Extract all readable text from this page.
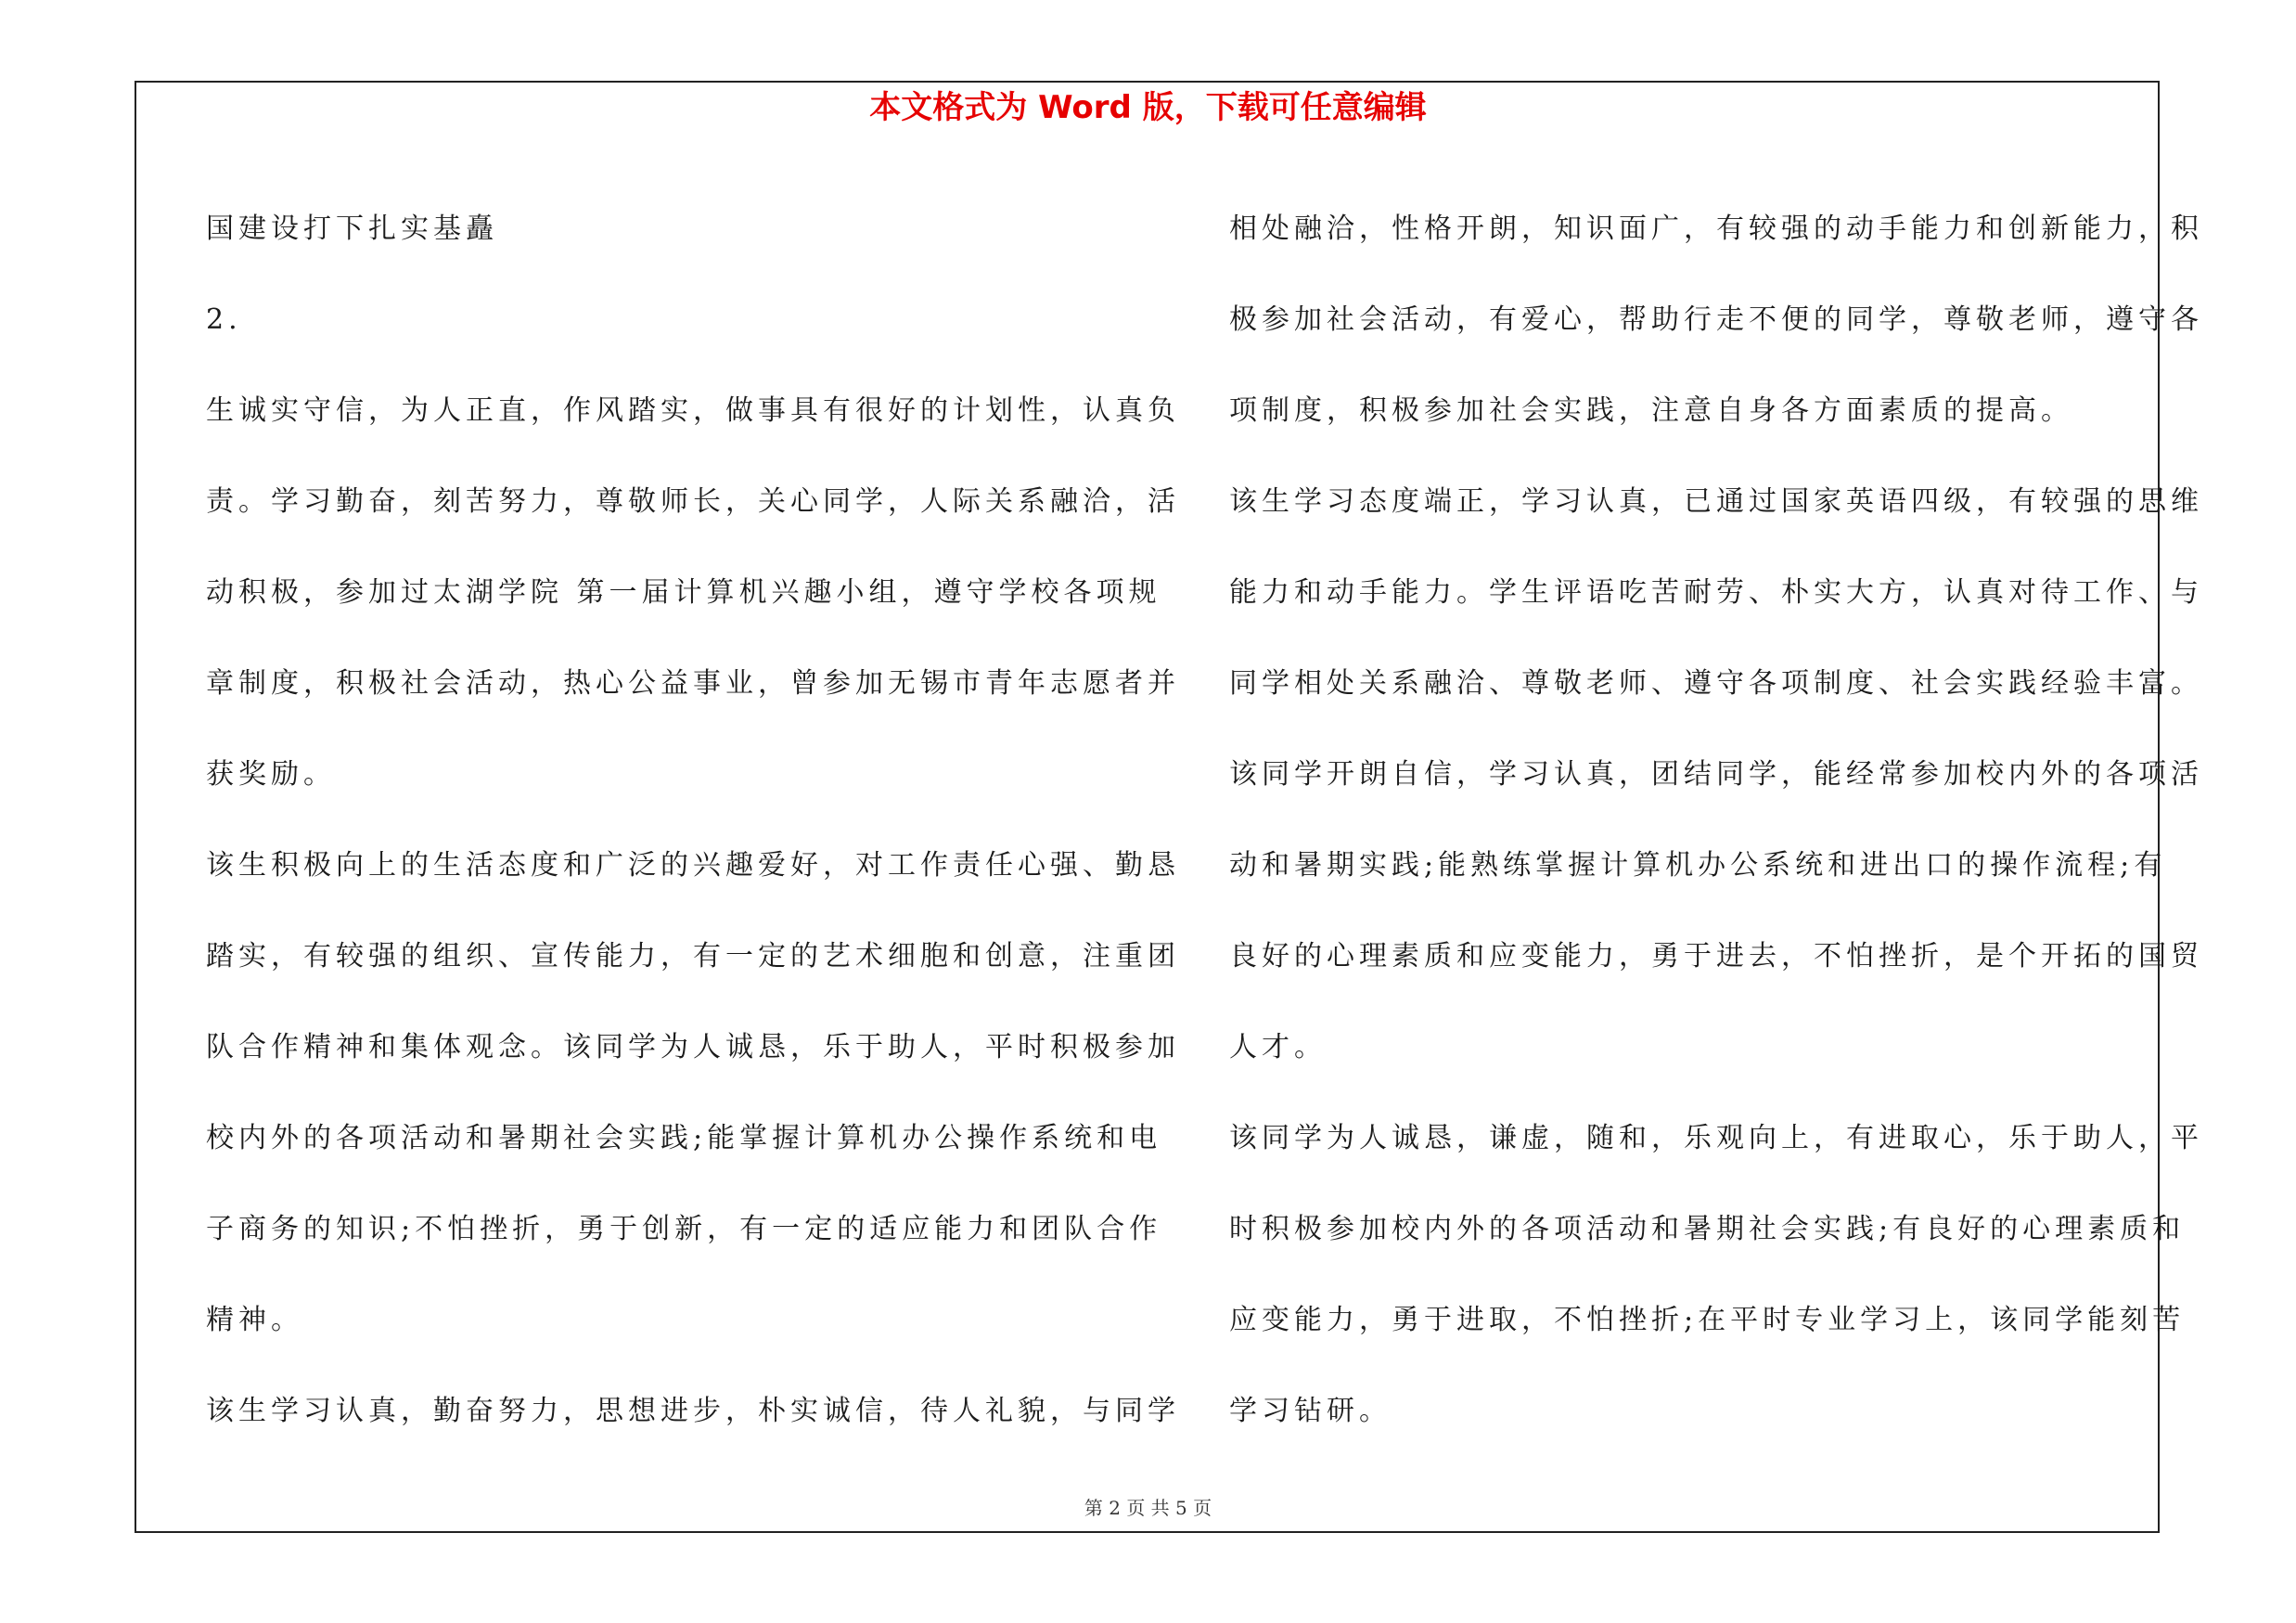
本文格式为 Word 版，下载可任意编辑
国建设打下扎实基矗
2.
生诚实守信，为人正直，作风踏实，做事具有很好的计划性，认真负
责。学习勤奋，刻苦努力，尊敬师长，关心同学，人际关系融洽，活
动积极，参加过太湖学院 第一届计算机兴趣小组，遵守学校各项规
章制度，积极社会活动，热心公益事业，曾参加无锡市青年志愿者并
获奖励。
该生积极向上的生活态度和广泛的兴趣爱好，对工作责任心强、勤恳
踏实，有较强的组织、宣传能力，有一定的艺术细胞和创意，注重团
队合作精神和集体观念。该同学为人诚恳，乐于助人，平时积极参加
校内外的各项活动和暑期社会实践;能掌握计算机办公操作系统和电
子商务的知识;不怕挫折，勇于创新，有一定的适应能力和团队合作
精神。
该生学习认真，勤奋努力，思想进步，朴实诚信，待人礼貌，与同学
相处融洽，性格开朗，知识面广，有较强的动手能力和创新能力，积
极参加社会活动，有爱心，帮助行走不便的同学，尊敬老师，遵守各
项制度，积极参加社会实践，注意自身各方面素质的提高。
该生学习态度端正，学习认真，已通过国家英语四级，有较强的思维
能力和动手能力。学生评语吃苦耐劳、朴实大方，认真对待工作、与
同学相处关系融洽、尊敬老师、遵守各项制度、社会实践经验丰富。
该同学开朗自信，学习认真，团结同学，能经常参加校内外的各项活
动和暑期实践;能熟练掌握计算机办公系统和进出口的操作流程;有
良好的心理素质和应变能力，勇于进去，不怕挫折，是个开拓的国贸
人才。
该同学为人诚恳，谦虚，随和，乐观向上，有进取心，乐于助人，平
时积极参加校内外的各项活动和暑期社会实践;有良好的心理素质和
应变能力，勇于进取，不怕挫折;在平时专业学习上，该同学能刻苦
学习钻研。
第 2 页 共 5 页
